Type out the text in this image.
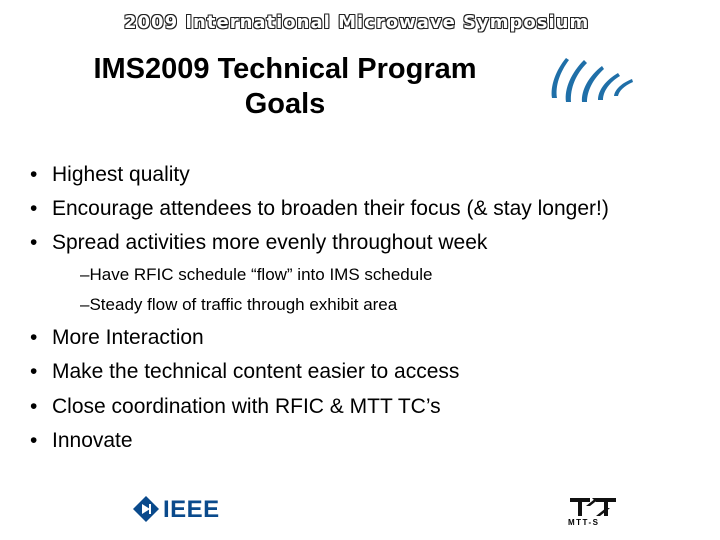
2009 International Microwave Symposium
IMS2009 Technical Program
Goals
• Highest quality
• Encourage attendees to broaden their focus (& stay longer!)
• Spread activities more evenly throughout week
–Have RFIC schedule “flow” into IMS schedule
–Steady flow of traffic through exhibit area
• More Interaction
• Make the technical content easier to access
• Close coordination with RFIC & MTT TC’s
• Innovate
IEEE	MTT-S
